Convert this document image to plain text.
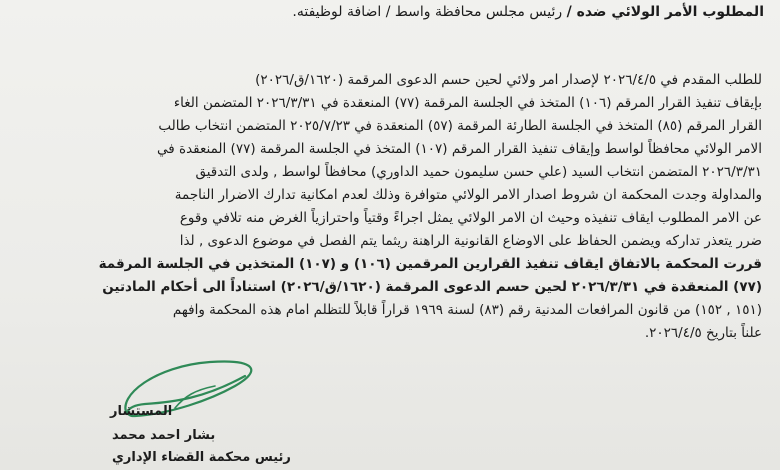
المطلوب الأمر الولائي ضده / رئيس مجلس محافظة واسط / اضافة لوظيفته.
للطلب المقدم في ٢٠٢٦/٤/٥ لإصدار امر ولائي لحين حسم الدعوى المرقمة (١٦٢٠/ق/٢٠٢٦)
بإيقاف تنفيذ القرار المرقم (١٠٦) المتخذ في الجلسة المرقمة (٧٧) المنعقدة في ٢٠٢٦/٣/٣١ المتضمن الغاء
القرار المرقم (٨٥) المتخذ في الجلسة الطارئة المرقمة (٥٧) المنعقدة في ٢٠٢٥/٧/٢٣ المتضمن انتخاب طالب
الامر الولائي محافظاً لواسط وإيقاف تنفيذ القرار المرقم (١٠٧) المتخذ في الجلسة المرقمة (٧٧) المنعقدة في
٢٠٢٦/٣/٣١ المتضمن انتخاب السيد (علي حسن سليمون حميد الداوري) محافظاً لواسط , ولدى التدقيق
والمداولة وجدت المحكمة ان شروط اصدار الامر الولائي متوافرة وذلك لعدم امكانية تدارك الاضرار الناجمة
عن الامر المطلوب ايقاف تنفيذه وحيث ان الامر الولائي يمثل اجراءً وقتياً واحترازياً الغرض منه تلافي وقوع
ضرر يتعذر تداركه ويضمن الحفاظ على الاوضاع القانونية الراهنة ريثما يتم الفصل في موضوع الدعوى , لذا
قررت المحكمة بالاتفاق ايقاف تنفيذ القرارين المرقمين (١٠٦) و (١٠٧) المتخذين في الجلسة المرقمة
(٧٧) المنعقدة في ٢٠٢٦/٣/٣١ لحين حسم الدعوى المرقمة (١٦٢٠/ق/٢٠٢٦) استناداً الى أحكام المادتين
(١٥١ , ١٥٢) من قانون المرافعات المدنية رقم (٨٣) لسنة ١٩٦٩ قراراً قابلاً للتظلم امام هذه المحكمة وافهم
علناً بتاريخ ٢٠٢٦/٤/٥.
المستشار
بشار احمد محمد
رئيس محكمة القضاء الإداري
